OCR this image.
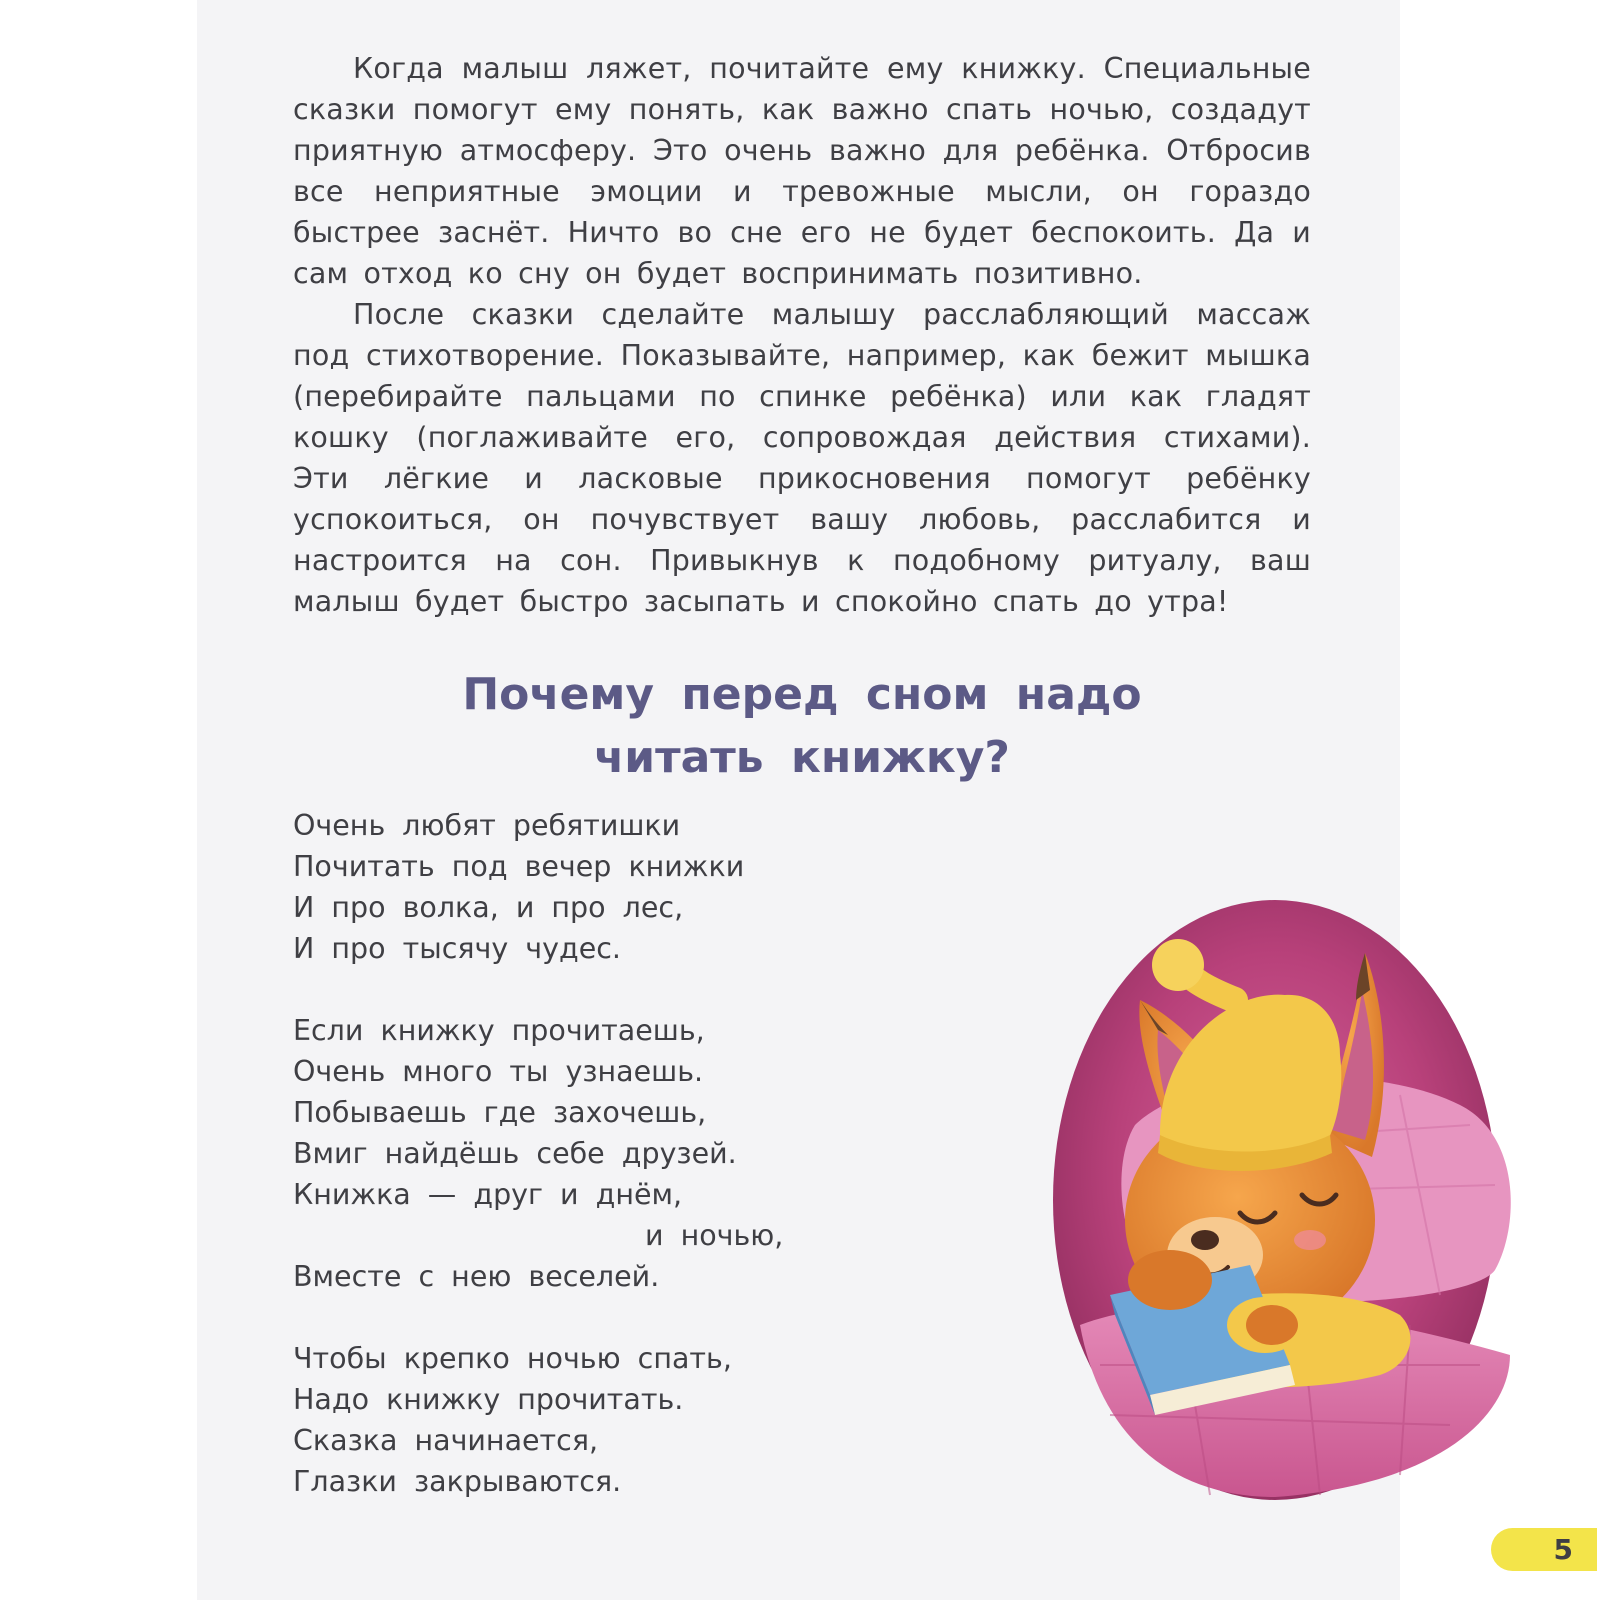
Когда малыш ляжет, почитайте ему книжку. Специальные сказки помогут ему понять, как важно спать ночью, создадут приятную атмосферу. Это очень важно для ребёнка. Отбросив все неприятные эмоции и тревожные мысли, он гораздо быстрее заснёт. Ничто во сне его не будет беспокоить. Да и сам отход ко сну он будет воспринимать позитивно.

После сказки сделайте малышу расслабляющий массаж под стихотворение. Показывайте, например, как бежит мышка (перебирайте пальцами по спинке ребёнка) или как гладят кошку (поглаживайте его, сопровождая действия стихами). Эти лёгкие и ласковые прикосновения помогут ребёнку успокоиться, он почувствует вашу любовь, расслабится и настроится на сон. Привыкнув к подобному ритуалу, ваш малыш будет быстро засыпать и спокойно спать до утра!

Почему перед сном надо
читать книжку?
Очень любят ребятишки
Почитать под вечер книжки
И про волка, и про лес,
И про тысячу чудес.
Если книжку прочитаешь,
Очень много ты узнаешь.
Побываешь где захочешь,
Вмиг найдёшь себе друзей.
Книжка — друг и днём,
и ночью,
Вместе с нею веселей.
Чтобы крепко ночью спать,
Надо книжку прочитать.
Сказка начинается,
Глазки закрываются.
5
